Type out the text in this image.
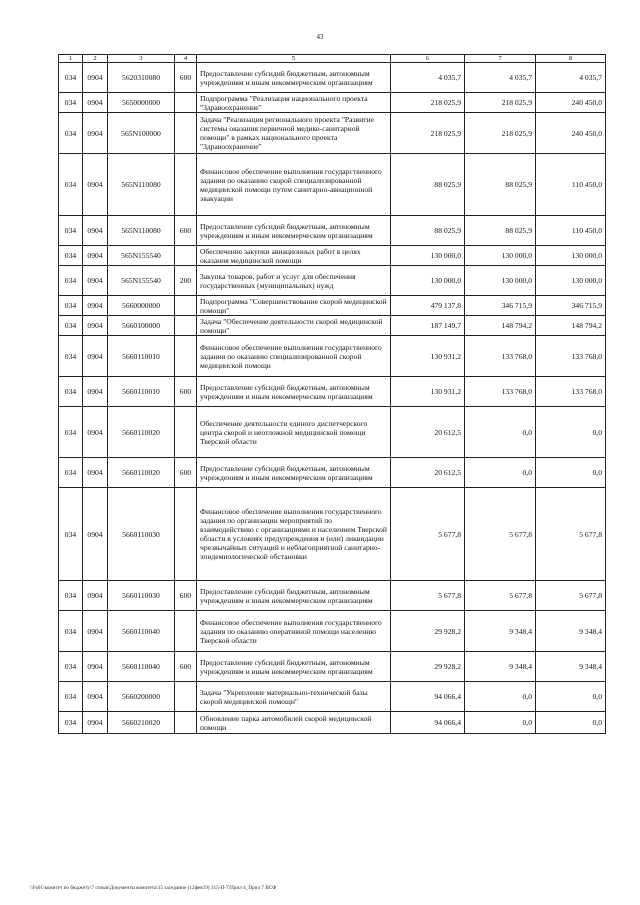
43
1	2	3	4	5	6	7	8
034	0904	5620310080	600	Предоставление субсидий бюджетным, автономным учреждениям и иным некоммерческим организациям	4 035,7	4 035,7	4 035,7
034	0904	5650000000		Подпрограмма "Реализация национального проекта "Здравоохранение"	218 025,9	218 025,9	240 450,0
034	0904	565N100000		Задача "Реализация регионального проекта "Развитие системы оказания первичной медико-санитарной помощи" в рамках национального проекта "Здравоохранение"	218 025,9	218 025,9	240 450,0
034	0904	565N110080		Финансовое обеспечение выполнения государственного задания по оказанию скорой специализированной медицинской помощи путем санитарно-авиационной эвакуации	88 025,9	88 025,9	110 450,0
034	0904	565N110080	600	Предоставление субсидий бюджетным, автономным учреждениям и иным некоммерческим организациям	88 025,9	88 025,9	110 450,0
034	0904	565N155540		Обеспечение закупки авиационных работ в целях оказания медицинской помощи	130 000,0	130 000,0	130 000,0
034	0904	565N155540	200	Закупка товаров, работ и услуг для обеспечения государственных (муниципальных) нужд	130 000,0	130 000,0	130 000,0
034	0904	5660000000		Подпрограмма "Совершенствование скорой медицинской помощи"	479 137,8	346 715,9	346 715,9
034	0904	5660100000		Задача "Обеспечение деятельности скорой медицинской помощи"	187 149,7	148 794,2	148 794,2
034	0904	5660110010		Финансовое обеспечение выполнения государственного задания по оказанию специализированной скорой медицинской помощи	130 931,2	133 768,0	133 768,0
034	0904	5660110010	600	Предоставление субсидий бюджетным, автономным учреждениям и иным некоммерческим организациям	130 931,2	133 768,0	133 768,0
034	0904	5660110020		Обеспечение деятельности единого диспетчерского центра скорой и неотложной медицинской помощи Тверской области	20 612,5	0,0	0,0
034	0904	5660110020	600	Предоставление субсидий бюджетным, автономным учреждениям и иным некоммерческим организациям	20 612,5	0,0	0,0
034	0904	5660110030		Финансовое обеспечение выполнения государственного задания по организации мероприятий по взаимодействию с организациями и населением Тверской области в условиях предупреждения и (или) ликвидации чрезвычайных ситуаций и неблагоприятной санитарно-эпидемиологической обстановки	5 677,8	5 677,8	5 677,8
034	0904	5660110030	600	Предоставление субсидий бюджетным, автономным учреждениям и иным некоммерческим организациям	5 677,8	5 677,8	5 677,8
034	0904	5660110040		Финансовое обеспечение выполнения государственного задания по оказанию оперативной помощи населению Тверской области	29 928,2	9 348,4	9 348,4
034	0904	5660110040	600	Предоставление субсидий бюджетным, автономным учреждениям и иным некоммерческим организациям	29 928,2	9 348,4	9 348,4
034	0904	5660200000		Задача "Укрепление материально-технической базы скорой медицинской помощи"	94 066,4	0,0	0,0
034	0904	5660210020		Обновление парка автомобилей скорой медицинской помощи	94 066,4	0,0	0,0
\\Fs01\комитет по бюджету\7 созыв\Документы комитета\15 заседание (12фев19) 315-П-7\Прил 4_Прил 7 ВСФ
